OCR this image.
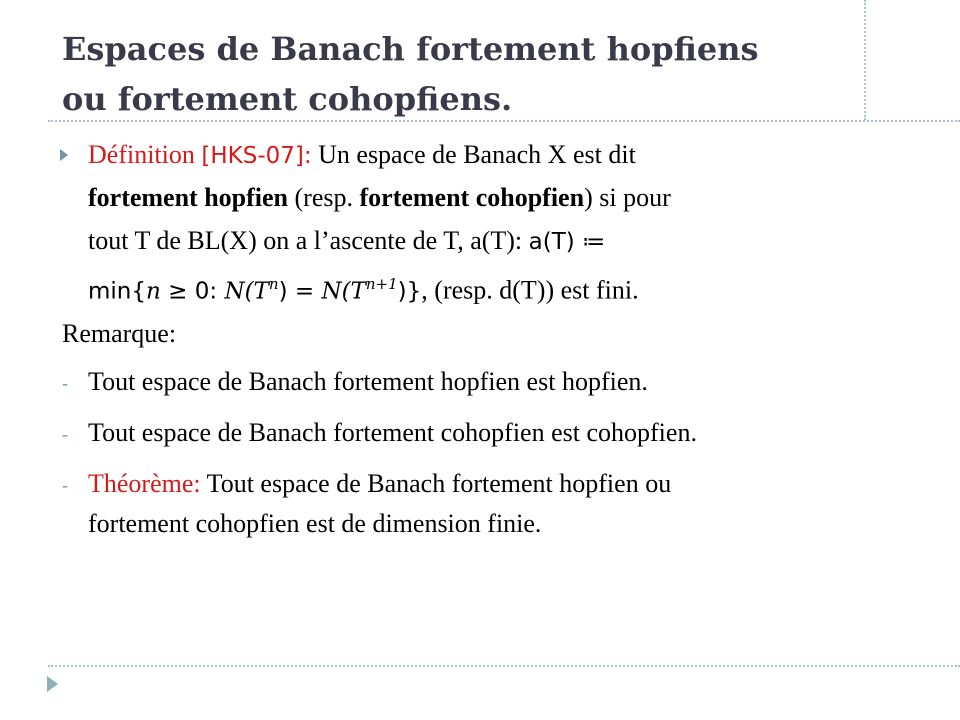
Espaces de Banach fortement hopfiens
ou fortement cohopfiens.
Définition [HKS-07]: Un espace de Banach X est dit
fortement hopfien (resp. fortement cohopfien) si pour
tout T de BL(X) on a l’ascente de T, a(T): a(T) ≔
min{n ≥ 0: $N(T^n) = N(T^{n+1})$}, (resp. d(T)) est fini.
Remarque:
- Tout espace de Banach fortement hopfien est hopfien.
- Tout espace de Banach fortement cohopfien est cohopfien.
- Théorème: Tout espace de Banach fortement hopfien ou
fortement cohopfien est de dimension finie.
